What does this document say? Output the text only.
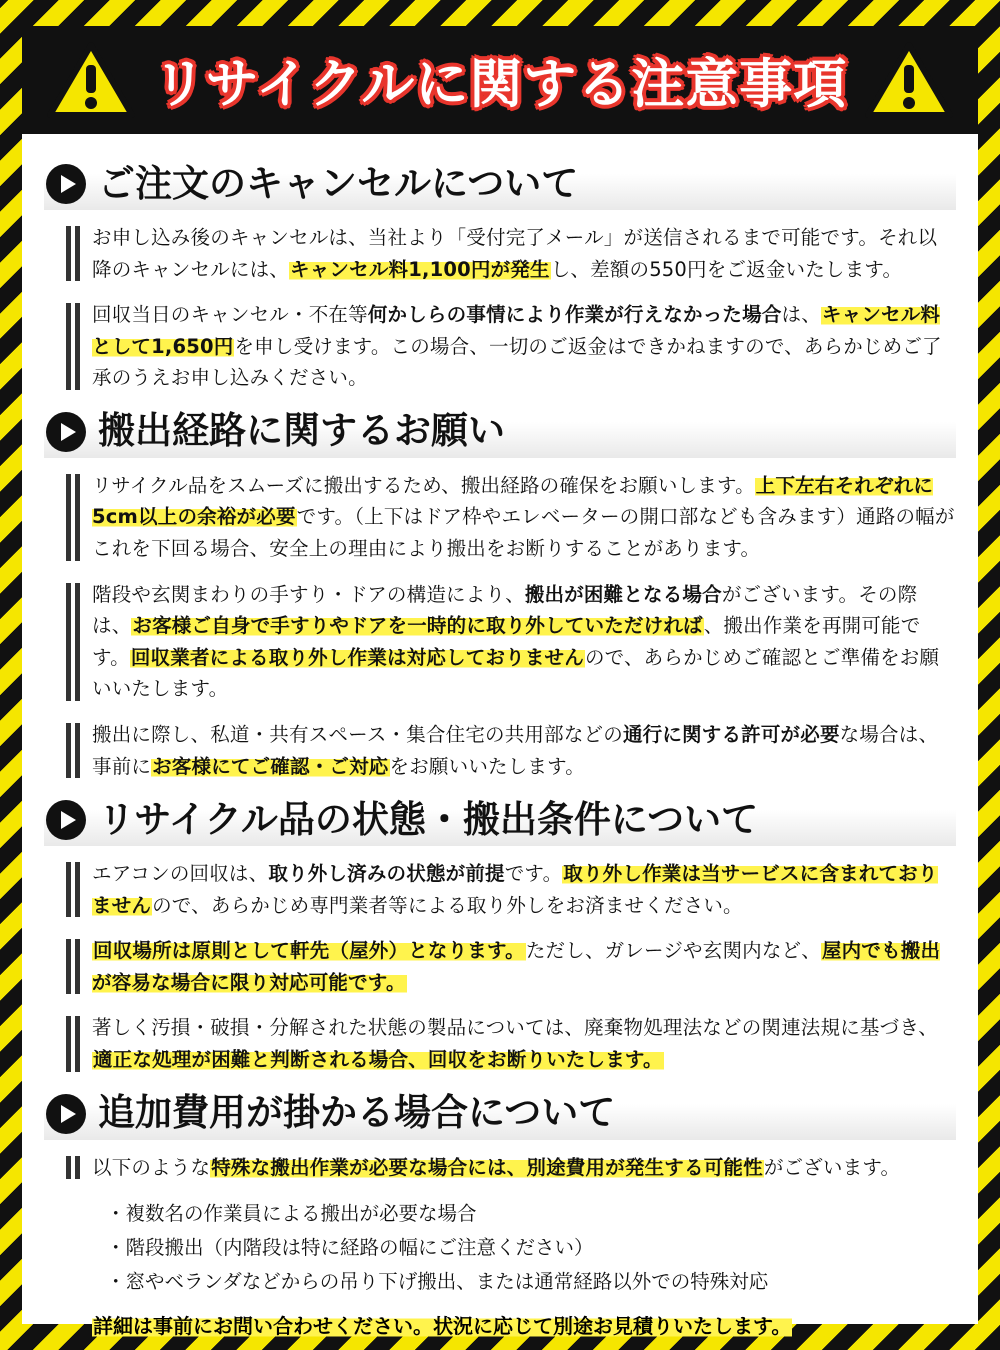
リサイクルに関する注意事項
ご注文のキャンセルについて
お申し込み後のキャンセルは、当社より「受付完了メール」が送信されるまで可能です。それ以降のキャンセルには、キャンセル料1,100円が発生し、差額の550円をご返金いたします。
回収当日のキャンセル・不在等何かしらの事情により作業が行えなかった場合は、キャンセル料として1,650円を申し受けます。この場合、一切のご返金はできかねますので、あらかじめご了承のうえお申し込みください。
搬出経路に関するお願い
リサイクル品をスムーズに搬出するため、搬出経路の確保をお願いします。上下左右それぞれに5cm以上の余裕が必要です。（上下はドア枠やエレベーターの開口部なども含みます）通路の幅がこれを下回る場合、安全上の理由により搬出をお断りすることがあります。
階段や玄関まわりの手すり・ドアの構造により、搬出が困難となる場合がございます。その際は、お客様ご自身で手すりやドアを一時的に取り外していただければ、搬出作業を再開可能です。回収業者による取り外し作業は対応しておりませんので、あらかじめご確認とご準備をお願いいたします。
搬出に際し、私道・共有スペース・集合住宅の共用部などの通行に関する許可が必要な場合は、事前にお客様にてご確認・ご対応をお願いいたします。
リサイクル品の状態・搬出条件について
エアコンの回収は、取り外し済みの状態が前提です。取り外し作業は当サービスに含まれておりませんので、あらかじめ専門業者等による取り外しをお済ませください。
回収場所は原則として軒先（屋外）となります。ただし、ガレージや玄関内など、屋内でも搬出が容易な場合に限り対応可能です。
著しく汚損・破損・分解された状態の製品については、廃棄物処理法などの関連法規に基づき、適正な処理が困難と判断される場合、回収をお断りいたします。
追加費用が掛かる場合について
以下のような特殊な搬出作業が必要な場合には、別途費用が発生する可能性がございます。
・ 複数名の作業員による搬出が必要な場合
・ 階段搬出（内階段は特に経路の幅にご注意ください）
・ 窓やベランダなどからの吊り下げ搬出、または通常経路以外での特殊対応
詳細は事前にお問い合わせください。状況に応じて別途お見積りいたします。
